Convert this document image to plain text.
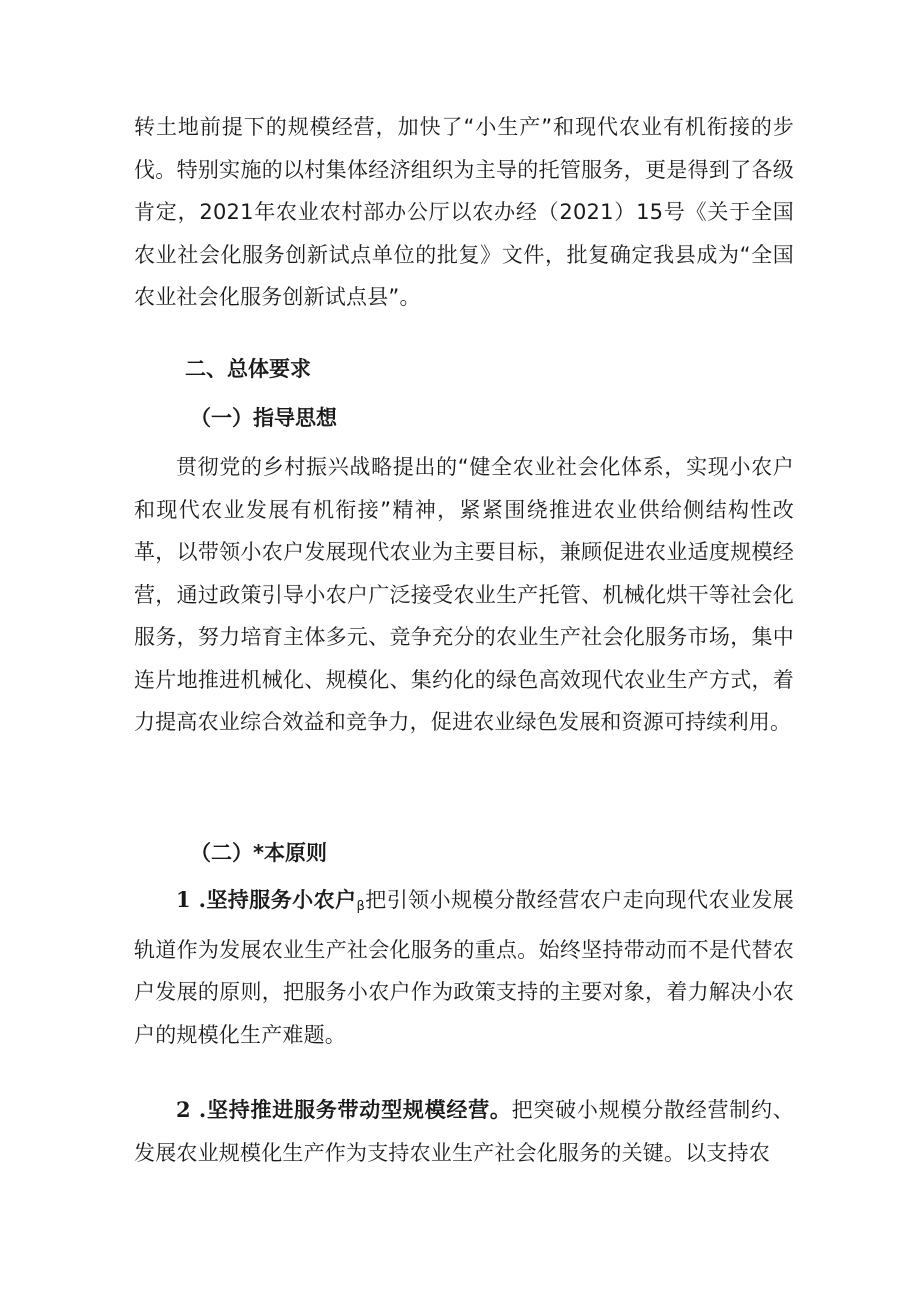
转土地前提下的规模经营，加快了“小生产”和现代农业有机衔接的步伐。特别实施的以村集体经济组织为主导的托管服务，更是得到了各级肯定，2021年农业农村部办公厅以农办经（2021）15号《关于全国农业社会化服务创新试点单位的批复》文件，批复确定我县成为“全国农业社会化服务创新试点县”。

二、总体要求

（一）指导思想

贯彻党的乡村振兴战略提出的“健全农业社会化体系，实现小农户和现代农业发展有机衔接”精神，紧紧围绕推进农业供给侧结构性改革，以带领小农户发展现代农业为主要目标，兼顾促进农业适度规模经营，通过政策引导小农户广泛接受农业生产托管、机械化烘干等社会化服务，努力培育主体多元、竞争充分的农业生产社会化服务市场，集中连片地推进机械化、规模化、集约化的绿色高效现代农业生产方式，着力提高农业综合效益和竞争力，促进农业绿色发展和资源可持续利用。

（二）*本原则

1 .坚持服务小农户β把引领小规模分散经营农户走向现代农业发展轨道作为发展农业生产社会化服务的重点。始终坚持带动而不是代替农户发展的原则，把服务小农户作为政策支持的主要对象，着力解决小农户的规模化生产难题。

2 .坚持推进服务带动型规模经营。把突破小规模分散经营制约、发展农业规模化生产作为支持农业生产社会化服务的关键。以支持农
